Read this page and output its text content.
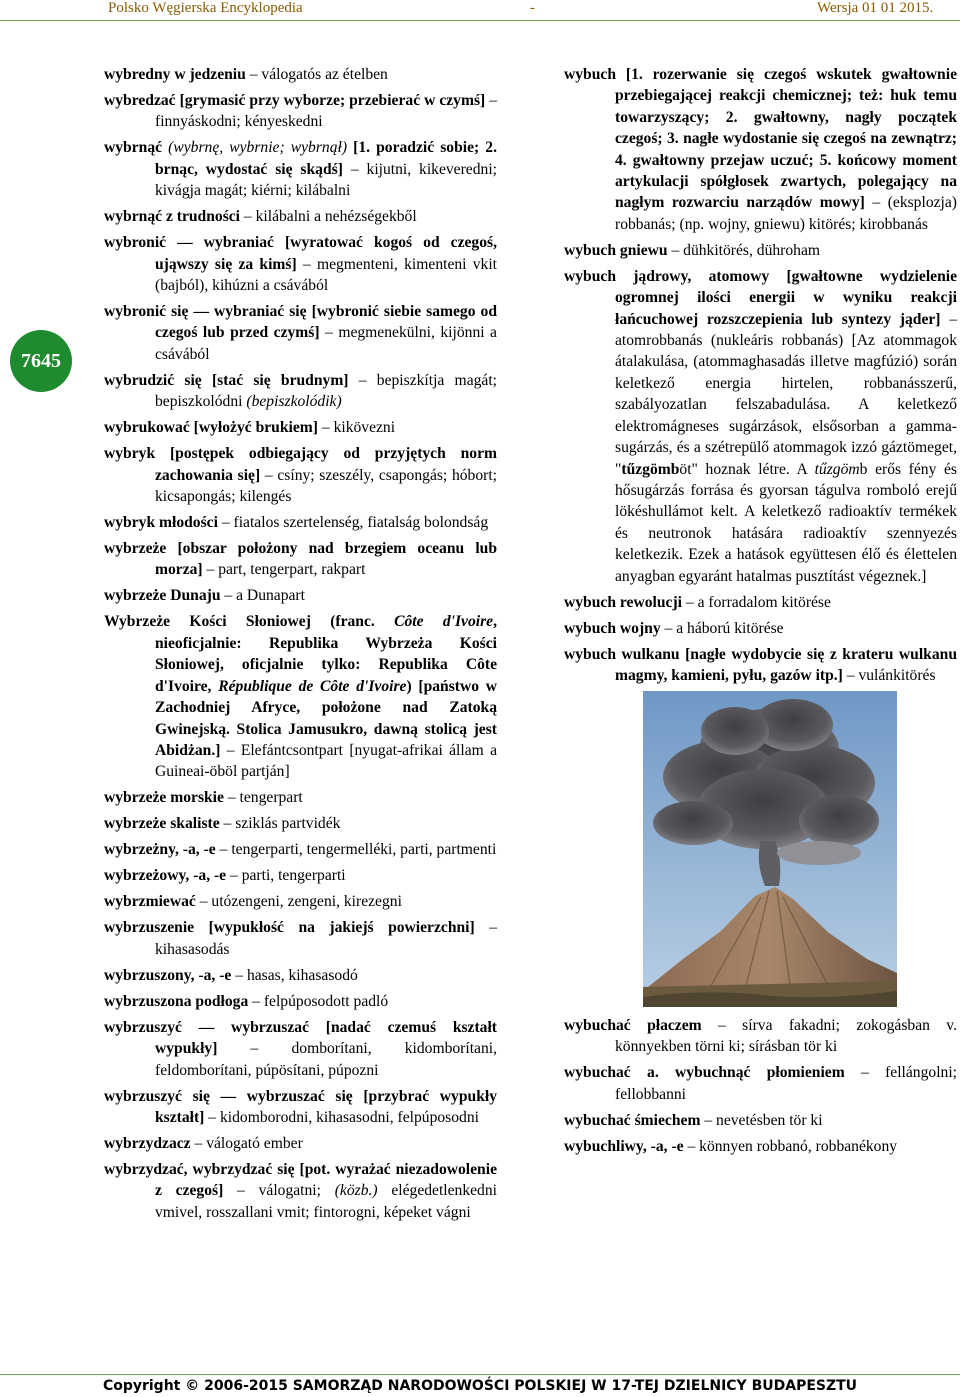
Polsko Węgierska Encyklopedia	-	Wersja 01 01 2015.
7645
wybredny w jedzeniu – válogatós az ételben
wybredzać [grymasić przy wyborze; przebierać w czymś] – finnyáskodni; kényeskedni
wybrnąć (wybrnę, wybrnie; wybrnął) [1. poradzić sobie; 2. brnąc, wydostać się skądś] – kijutni, kikeveredni; kivágja magát; kiérni; kilábalni
wybrnąć z trudności – kilábalni a nehézségekből
wybronić — wybraniać [wyratować kogoś od czegoś, ująwszy się za kimś] – megmenteni, kimenteni vkit (bajból), kihúzni a csávából
wybronić się — wybraniać się [wybronić siebie samego od czegoś lub przed czymś] – megmenekülni, kijönni a csávából
wybrudzić się [stać się brudnym] – bepiszkítja magát; bepiszkolódni (bepiszkolódik)
wybrukować [wyłożyć brukiem] – kikövezni
wybryk [postępek odbiegający od przyjętych norm zachowania się] – csíny; szeszély, csapongás; hóbort; kicsapongás; kilengés
wybryk młodości – fiatalos szertelenség, fiatalság bolondság
wybrzeże [obszar położony nad brzegiem oceanu lub morza] – part, tengerpart, rakpart
wybrzeże Dunaju – a Dunapart
Wybrzeże Kości Słoniowej (franc. Côte d'Ivoire, nieoficjalnie: Republika Wybrzeża Kości Słoniowej, oficjalnie tylko: Republika Côte d'Ivoire, République de Côte d'Ivoire) [państwo w Zachodniej Afryce, położone nad Zatoką Gwinejską. Stolica Jamusukro, dawną stolicą jest Abidżan.] – Elefántcsontpart [nyugat-afrikai állam a Guineai-öböl partján]
wybrzeże morskie – tengerpart
wybrzeże skaliste – sziklás partvidék
wybrzeżny, -a, -e – tengerparti, tengermelléki, parti, partmenti
wybrzeżowy, -a, -e – parti, tengerparti
wybrzmiewać – utózengeni, zengeni, kirezegni
wybrzuszenie [wypukłość na jakiejś powierzchni] – kihasasodás
wybrzuszony, -a, -e – hasas, kihasasodó
wybrzuszona podłoga – felpúposodott padló
wybrzuszyć — wybrzuszać [nadać czemuś kształt wypukły] – domborítani, kidomborítani, feldomborítani, púpösítani, púpozni
wybrzuszyć się — wybrzuszać się [przybrać wypukły kształt] – kidomborodni, kihasasodni, felpúposodni
wybrzydzacz – válogató ember
wybrzydzać, wybrzydzać się [pot. wyrażać niezadowolenie z czegoś] – válogatni; (közb.) elégedetlenkedni vmivel, rosszallani vmit; fintorogni, képeket vágni
wybuch [1. rozerwanie się czegoś wskutek gwałtownie przebiegającej reakcji chemicznej; też: huk temu towarzyszący; 2. gwałtowny, nagły początek czegoś; 3. nagłe wydostanie się czegoś na zewnątrz; 4. gwałtowny przejaw uczuć; 5. końcowy moment artykulacji spółgłosek zwartych, polegający na nagłym rozwarciu narządów mowy] – (eksplozja) robbanás; (np. wojny, gniewu) kitörés; kirobbanás
wybuch gniewu – dühkitörés, dühroham
wybuch jądrowy, atomowy [gwałtowne wydzielenie ogromnej ilości energii w wyniku reakcji łańcuchowej rozszczepienia lub syntezy jąder] – atomrobbanás (nukleáris robbanás) [Az atommagok átalakulása, (atommaghasadás illetve magfúzió) során keletkező energia hirtelen, robbanásszerű, szabályozatlan felszabadulása. A keletkező elektromágneses sugárzások, elsősorban a gamma-sugárzás, és a szétrepülő atommagok izzó gáztömeget, "tűzgömböt" hoznak létre. A tűzgömb erős fény és hősugárzás forrása és gyorsan tágulva romboló erejű lökéshullámot kelt. A keletkező radioaktív termékek és neutronok hatására radioaktív szennyezés keletkezik. Ezek a hatások együttesen élő és élettelen anyagban egyaránt hatalmas pusztítást végeznek.]
wybuch rewolucji – a forradalom kitörése
wybuch wojny – a háború kitörése
wybuch wulkanu [nagłe wydobycie się z krateru wulkanu magmy, kamieni, pyłu, gazów itp.] – vulánkitörés
wybuchać płaczem – sírva fakadni; zokogásban v. könnyekben törni ki; sírásban tör ki
wybuchać a. wybuchnąć płomieniem – fellángolni; fellobbanni
wybuchać śmiechem – nevetésben tör ki
wybuchliwy, -a, -e – könnyen robbanó, robbanékony
Copyright © 2006-2015 SAMORZĄD NARODOWOŚCI POLSKIEJ W 17-TEJ DZIELNICY BUDAPESZTU
